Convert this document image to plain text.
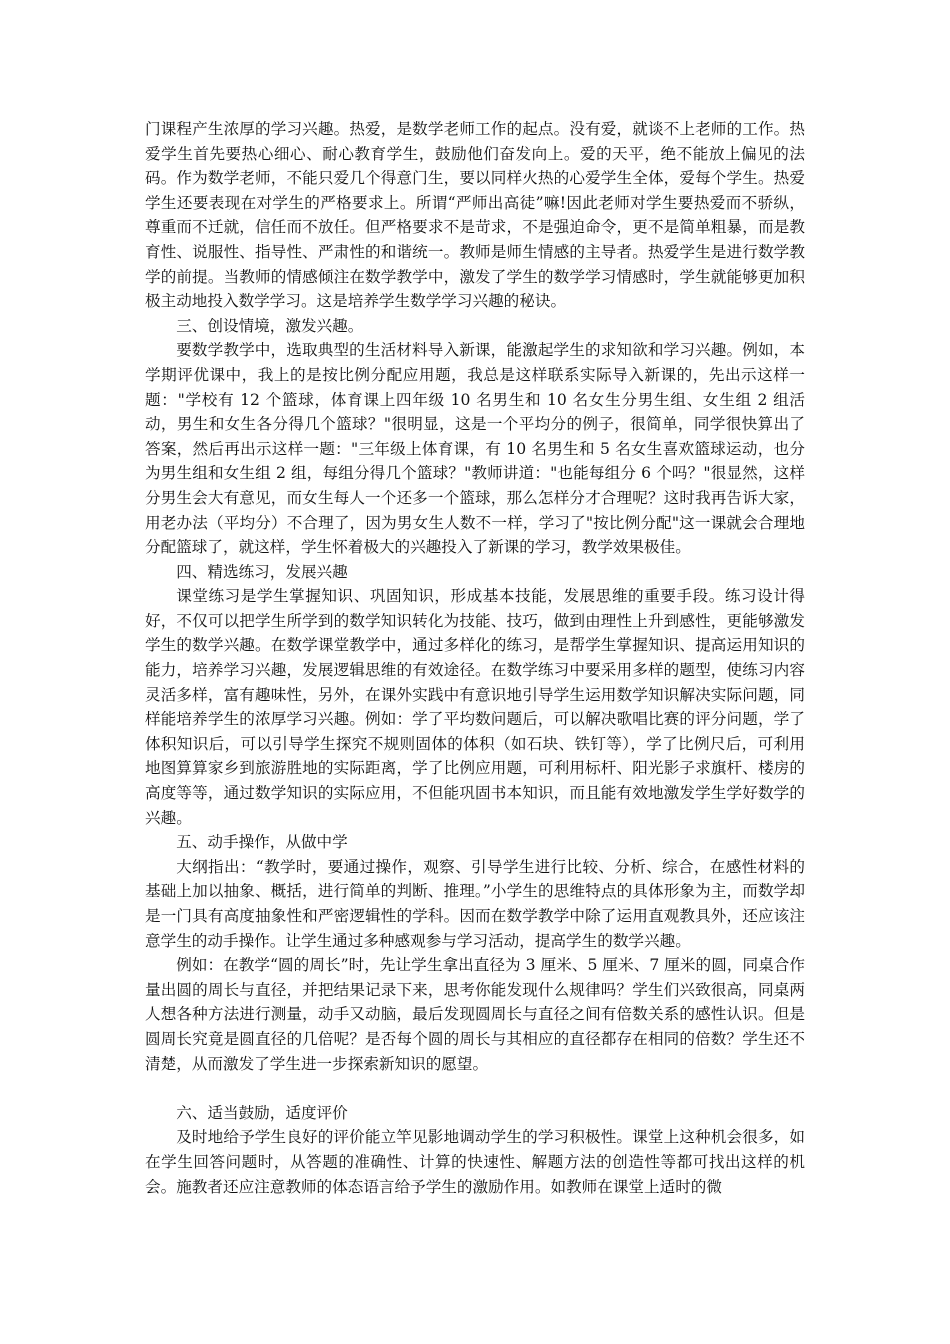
门课程产生浓厚的学习兴趣。热爱，是数学老师工作的起点。没有爱，就谈不上老师的工作。热爱学生首先要热心细心、耐心教育学生，鼓励他们奋发向上。爱的天平，绝不能放上偏见的法码。作为数学老师，不能只爱几个得意门生，要以同样火热的心爱学生全体，爱每个学生。热爱学生还要表现在对学生的严格要求上。所谓“严师出高徒”嘛!因此老师对学生要热爱而不骄纵，尊重而不迁就，信任而不放任。但严格要求不是苛求，不是强迫命令，更不是简单粗暴，而是教育性、说服性、指导性、严肃性的和谐统一。教师是师生情感的主导者。热爱学生是进行数学教学的前提。当教师的情感倾注在数学教学中，激发了学生的数学学习情感时，学生就能够更加积极主动地投入数学学习。这是培养学生数学学习兴趣的秘诀。

三、创设情境，激发兴趣。

要数学教学中，选取典型的生活材料导入新课，能激起学生的求知欲和学习兴趣。例如，本学期评优课中，我上的是按比例分配应用题，我总是这样联系实际导入新课的，先出示这样一题："学校有 12 个篮球，体育课上四年级 10 名男生和 10 名女生分男生组、女生组 2 组活动，男生和女生各分得几个篮球？"很明显，这是一个平均分的例子，很简单，同学很快算出了答案，然后再出示这样一题："三年级上体育课，有 10 名男生和 5 名女生喜欢篮球运动，也分为男生组和女生组 2 组，每组分得几个篮球？"教师讲道："也能每组分 6 个吗？"很显然，这样分男生会大有意见，而女生每人一个还多一个篮球，那么怎样分才合理呢？这时我再告诉大家，用老办法（平均分）不合理了，因为男女生人数不一样，学习了"按比例分配"这一课就会合理地分配篮球了，就这样，学生怀着极大的兴趣投入了新课的学习，教学效果极佳。

四、精选练习，发展兴趣

课堂练习是学生掌握知识、巩固知识，形成基本技能，发展思维的重要手段。练习设计得好，不仅可以把学生所学到的数学知识转化为技能、技巧，做到由理性上升到感性，更能够激发学生的数学兴趣。在数学课堂教学中，通过多样化的练习，是帮学生掌握知识、提高运用知识的能力，培养学习兴趣，发展逻辑思维的有效途径。在数学练习中要采用多样的题型，使练习内容灵活多样，富有趣味性，另外，在课外实践中有意识地引导学生运用数学知识解决实际问题，同样能培养学生的浓厚学习兴趣。例如：学了平均数问题后，可以解决歌唱比赛的评分问题，学了体积知识后，可以引导学生探究不规则固体的体积（如石块、铁钉等），学了比例尺后，可利用地图算算家乡到旅游胜地的实际距离，学了比例应用题，可利用标杆、阳光影子求旗杆、楼房的高度等等，通过数学知识的实际应用，不但能巩固书本知识，而且能有效地激发学生学好数学的兴趣。

五、动手操作，从做中学

大纲指出：“教学时，要通过操作，观察、引导学生进行比较、分析、综合，在感性材料的基础上加以抽象、概括，进行简单的判断、推理。”小学生的思维特点的具体形象为主，而数学却是一门具有高度抽象性和严密逻辑性的学科。因而在数学教学中除了运用直观教具外，还应该注意学生的动手操作。让学生通过多种感观参与学习活动，提高学生的数学兴趣。

例如：在教学“圆的周长”时，先让学生拿出直径为 3 厘米、5 厘米、7 厘米的圆，同桌合作量出圆的周长与直径，并把结果记录下来，思考你能发现什么规律吗？学生们兴致很高，同桌两人想各种方法进行测量，动手又动脑，最后发现圆周长与直径之间有倍数关系的感性认识。但是圆周长究竟是圆直径的几倍呢？是否每个圆的周长与其相应的直径都存在相同的倍数？学生还不清楚，从而激发了学生进一步探索新知识的愿望。

六、适当鼓励，适度评价

及时地给予学生良好的评价能立竿见影地调动学生的学习积极性。课堂上这种机会很多，如在学生回答问题时，从答题的准确性、计算的快速性、解题方法的创造性等都可找出这样的机会。施教者还应注意教师的体态语言给予学生的激励作用。如教师在课堂上适时的微
